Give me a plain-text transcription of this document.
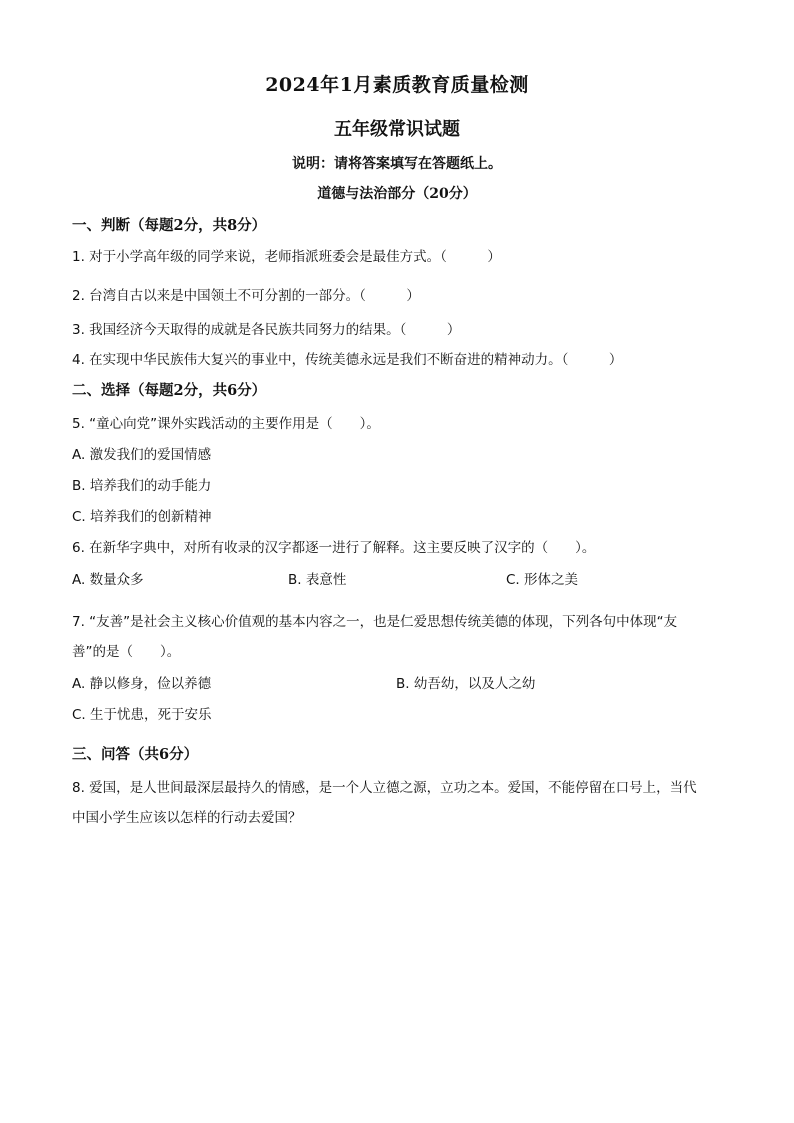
2024年1月素质教育质量检测
五年级常识试题
说明：请将答案填写在答题纸上。
道德与法治部分（20分）
一、判断（每题2分，共8分）
1. 对于小学高年级的同学来说，老师指派班委会是最佳方式。（　　　）
2. 台湾自古以来是中国领土不可分割的一部分。（　　　）
3. 我国经济今天取得的成就是各民族共同努力的结果。（　　　）
4. 在实现中华民族伟大复兴的事业中，传统美德永远是我们不断奋进的精神动力。（　　　）
二、选择（每题2分，共6分）
5. “童心向党”课外实践活动的主要作用是（　　）。
A. 激发我们的爱国情感
B. 培养我们的动手能力
C. 培养我们的创新精神
6. 在新华字典中，对所有收录的汉字都逐一进行了解释。这主要反映了汉字的（　　）。
A. 数量众多	B. 表意性	C. 形体之美
7. “友善”是社会主义核心价值观的基本内容之一，也是仁爱思想传统美德的体现，下列各句中体现“友
善”的是（　　）。
A. 静以修身，俭以养德	B. 幼吾幼，以及人之幼
C. 生于忧患，死于安乐
三、问答（共6分）
8. 爱国，是人世间最深层最持久的情感，是一个人立德之源，立功之本。爱国，不能停留在口号上，当代
中国小学生应该以怎样的行动去爱国？
